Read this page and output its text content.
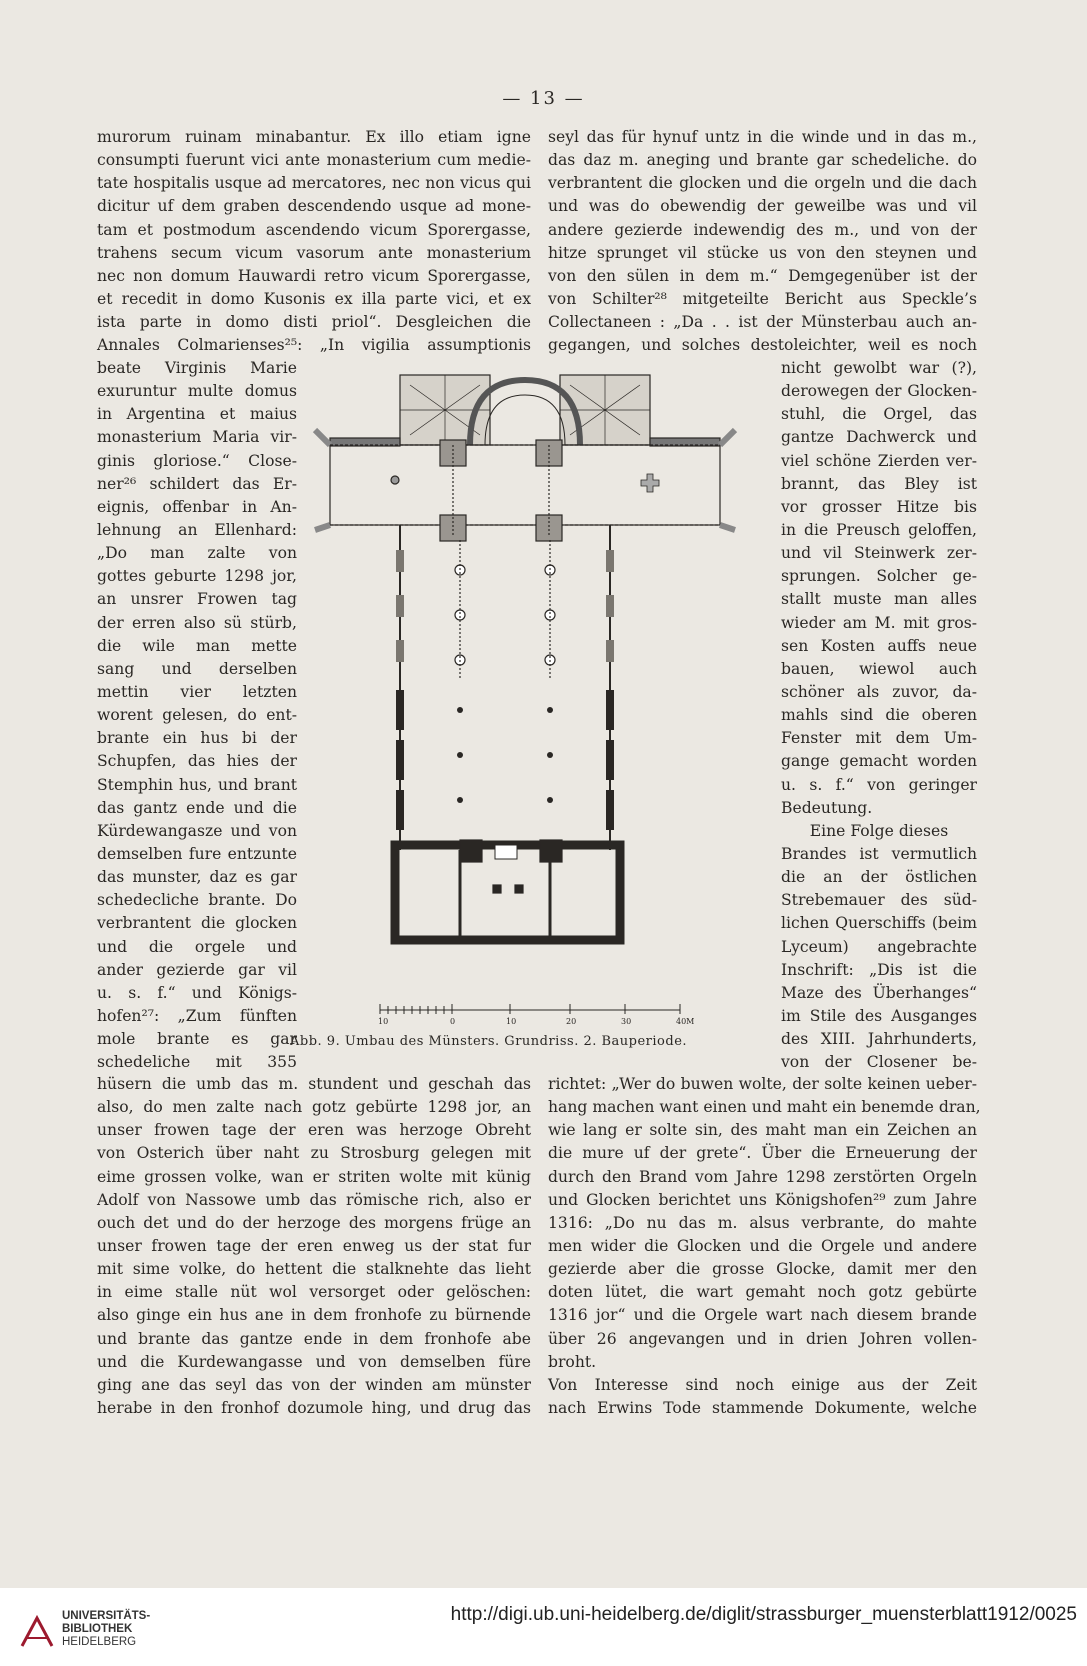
— 13 —
murorum ruinam minabantur. Ex illo etiam igne
consumpti fuerunt vici ante monasterium cum medie-
tate hospitalis usque ad mercatores, nec non vicus qui
dicitur uf dem graben descendendo usque ad mone-
tam et postmodum ascendendo vicum Sporergasse,
trahens secum vicum vasorum ante monasterium
nec non domum Hauwardi retro vicum Sporergasse,
et recedit in domo Kusonis ex illa parte vici, et ex
ista parte in domo disti priol“. Desgleichen die
Annales Colmarienses²⁵: „In vigilia assumptionis
seyl das für hynuf untz in die winde und in das m.,
das daz m. aneging und brante gar schedeliche. do
verbrantent die glocken und die orgeln und die dach
und was do obewendig der geweilbe was und vil
andere gezierde indewendig des m., und von der
hitze sprunget vil stücke us von den steynen und
von den sülen in dem m.“ Demgegenüber ist der
von Schilter²⁸ mitgeteilte Bericht aus Speckle’s
Collectaneen : „Da . . ist der Münsterbau auch an-
gegangen, und solches destoleichter, weil es noch
beate Virginis Marie
exuruntur multe domus
in Argentina et maius
monasterium Maria vir-
ginis gloriose.“ Close-
ner²⁶ schildert das Er-
eignis, offenbar in An-
lehnung an Ellenhard:
„Do man zalte von
gottes geburte 1298 jor,
an unsrer Frowen tag
der erren also sü stürb,
die wile man mette
sang und derselben
mettin vier letzten
worent gelesen, do ent-
brante ein hus bi der
Schupfen, das hies der
Stemphin hus, und brant
das gantz ende und die
Kürdewangasze und von
demselben fure entzunte
das munster, daz es gar
schedecliche brante. Do
verbrantent die glocken
und die orgele und
ander gezierde gar vil
u. s. f.“ und Königs-
hofen²⁷: „Zum fünften
mole brante es gar
schedeliche mit 355
nicht gewolbt war (?),
derowegen der Glocken-
stuhl, die Orgel, das
gantze Dachwerck und
viel schöne Zierden ver-
brannt, das Bley ist
vor grosser Hitze bis
in die Preusch geloffen,
und vil Steinwerk zer-
sprungen. Solcher ge-
stallt muste man alles
wieder am M. mit gros-
sen Kosten auffs neue
bauen, wiewol auch
schöner als zuvor, da-
mahls sind die oberen
Fenster mit dem Um-
gange gemacht worden
u. s. f.“ von geringer
Bedeutung.
Eine Folge dieses
Brandes ist vermutlich
die an der östlichen
Strebemauer des süd-
lichen Querschiffs (beim
Lyceum) angebrachte
Inschrift: „Dis ist die
Maze des Überhanges“
im Stile des Ausganges
des XIII. Jahrhunderts,
von der Closener be-
hüsern die umb das m. stundent und geschah das
also, do men zalte nach gotz gebürte 1298 jor, an
unser frowen tage der eren was herzoge Obreht
von Osterich über naht zu Strosburg gelegen mit
eime grossen volke, wan er striten wolte mit künig
Adolf von Nassowe umb das römische rich, also er
ouch det und do der herzoge des morgens früge an
unser frowen tage der eren enweg us der stat fur
mit sime volke, do hettent die stalknehte das lieht
in eime stalle nüt wol versorget oder gelöschen:
also ginge ein hus ane in dem fronhofe zu bürnende
und brante das gantze ende in dem fronhofe abe
und die Kurdewangasse und von demselben füre
ging ane das seyl das von der winden am münster
herabe in den fronhof dozumole hing, und drug das
richtet: „Wer do buwen wolte, der solte keinen ueber-
hang machen want einen und maht ein benemde dran,
wie lang er solte sin, des maht man ein Zeichen an
die mure uf der grete“. Über die Erneuerung der
durch den Brand vom Jahre 1298 zerstörten Orgeln
und Glocken berichtet uns Königshofen²⁹ zum Jahre
1316: „Do nu das m. alsus verbrante, do mahte
men wider die Glocken und die Orgele und andere
gezierde aber die grosse Glocke, damit mer den
doten lütet, die wart gemaht noch gotz gebürte
1316 jor“ und die Orgele wart nach diesem brande
über 26 angevangen und in drien Johren vollen-
broht.
Von Interesse sind noch einige aus der Zeit
nach Erwins Tode stammende Dokumente, welche
10	0	10	20	30	40M
Abb. 9. Umbau des Münsters. Grundriss. 2. Bauperiode.
UNIVERSITÄTS-
BIBLIOTHEK
HEIDELBERG
http://digi.ub.uni-heidelberg.de/diglit/strassburger_muensterblatt1912/0025
